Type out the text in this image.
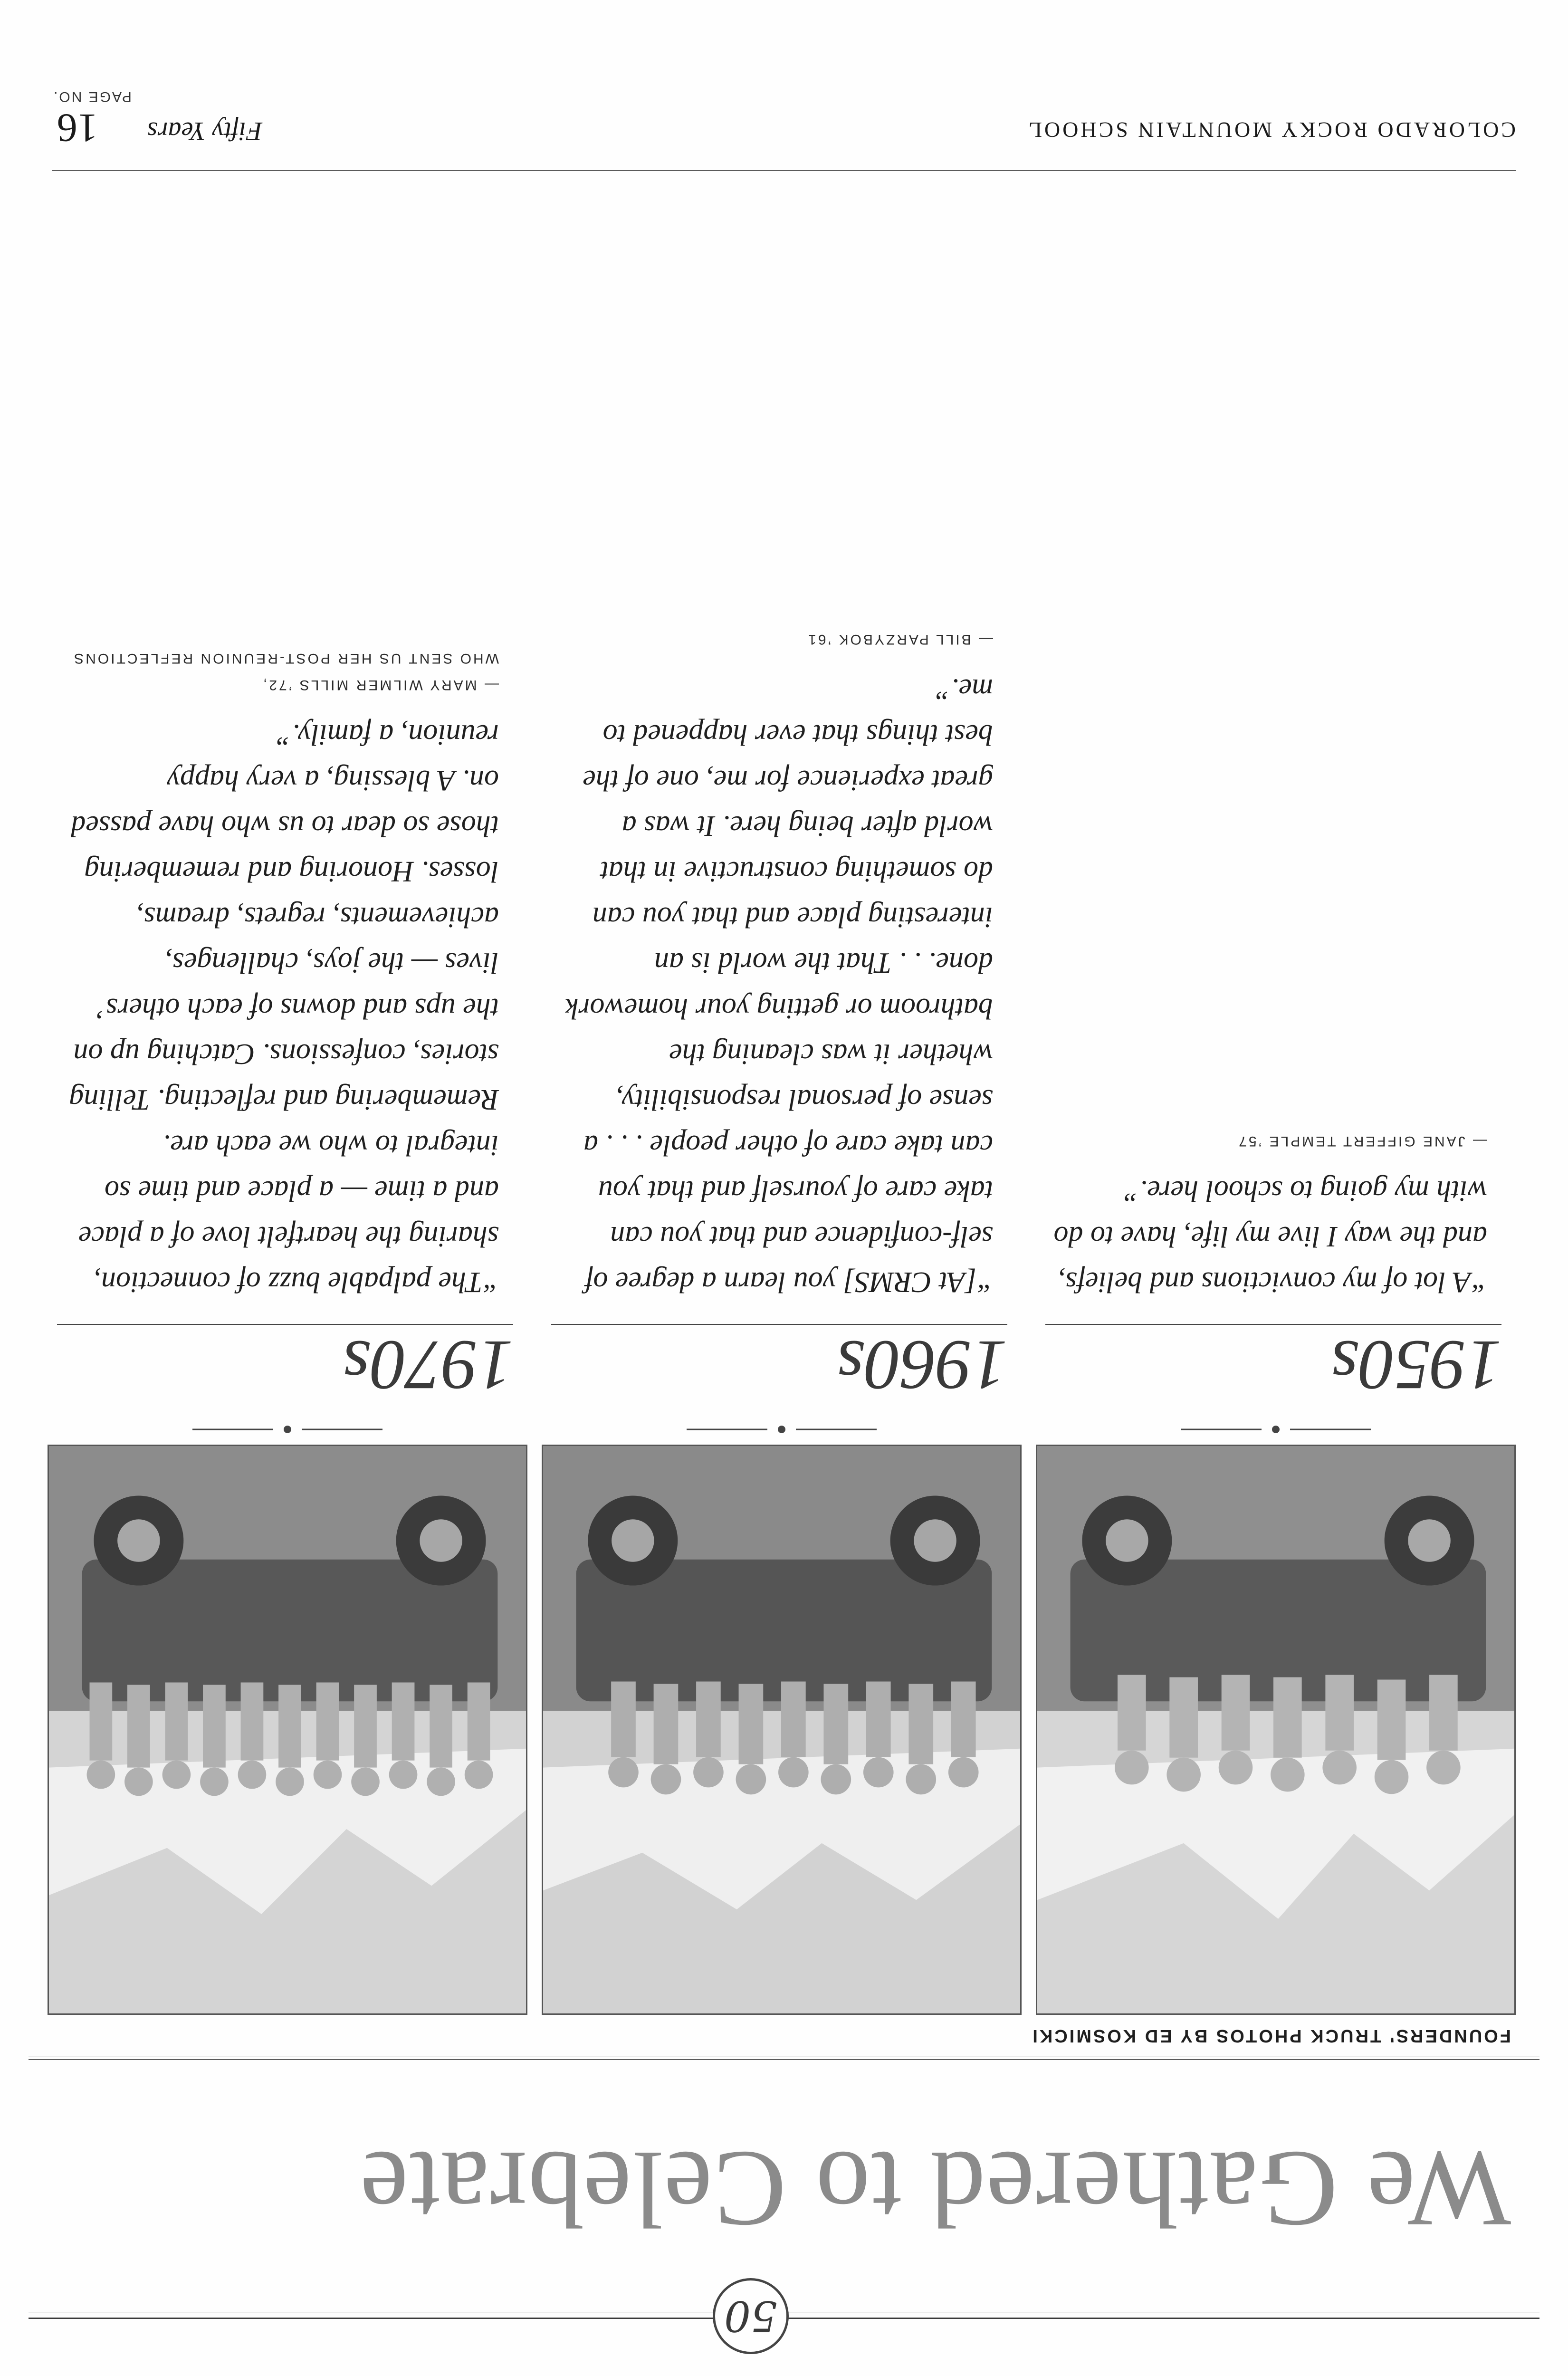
50
We Gathered to Celebrate
FOUNDERS' TRUCK PHOTOS BY ED KOSMICKI
1950s

“A lot of my convictions and beliefs, and the way I live my life, have to do with my going to school here.”

— JANE GIFFERT TEMPLE ’57
1960s

“[At CRMS] you learn a degree of self-confidence and that you can take care of yourself and that you can take care of other people . . . a sense of personal responsibility, whether it was cleaning the bathroom or getting your homework done. . . That the world is an interesting place and that you can do something constructive in that world after being here. It was a great experience for me, one of the best things that ever happened to me.”

— BILL PARZYBOK ’61
1970s

“The palpable buzz of connection, sharing the heartfelt love of a place and a time — a place and time so integral to who we each are. Remembering and reflecting. Telling stories, confessions. Catching up on the ups and downs of each others’ lives — the joys, challenges, achievements, regrets, dreams, losses. Honoring and remembering those so dear to us who have passed on. A blessing, a very happy reunion, a family.”

— MARY WILMER MILLS ’72,
WHO SENT US HER POST-REUNION REFLECTIONS
COLORADO ROCKY MOUNTAIN SCHOOL
Fifty Years
16
PAGE NO.
